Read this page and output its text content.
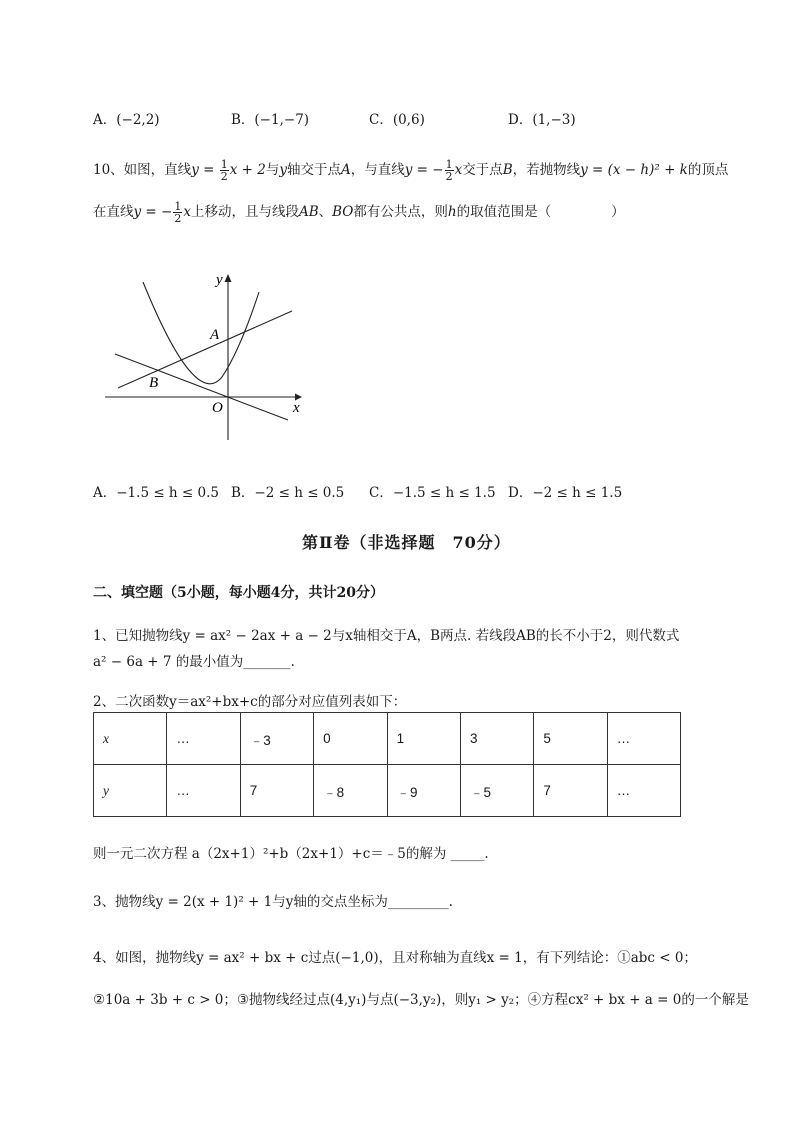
A．(−2,2)	B．(−1,−7)	C．(0,6)	D．(1,−3)
10、如图，直线$y = \frac{1}{2}$ x + 2与y轴交于点A，与直线y = − $\frac{1}{2}$ x交于点B，若抛物线y = (x − h)² + k的顶点
在直线y = − $\frac{1}{2}$ x上移动，且与线段AB、BO都有公共点，则h的取值范围是（	）
y
x
A
B
O
A．−1.5 ≤ h ≤ 0.5 B．−2 ≤ h ≤ 0.5 C．−1.5 ≤ h ≤ 1.5 D．−2 ≤ h ≤ 1.5
第Ⅱ卷（非选择题　70分）
二、填空题（5小题，每小题4分，共计20分）
1、已知抛物线y = ax² − 2ax + a − 2与x轴相交于A，B两点. 若线段AB的长不小于2，则代数式
a² − 6a + 7 的最小值为_______.
2、二次函数y＝ax²+bx+c的部分对应值列表如下：
x	…	﹣3	0	1	3	5	…
y	…	7	﹣8	﹣9	﹣5	7	…
则一元二次方程 a（2x+1）²+b（2x+1）+c＝﹣5的解为 _____.
3、抛物线y = 2(x + 1)² + 1与y轴的交点坐标为_________.
4、如图，抛物线y = ax² + bx + c过点(−1,0)，且对称轴为直线x = 1，有下列结论：①abc < 0；
②10a + 3b + c > 0；③抛物线经过点(4,y₁)与点(−3,y₂)，则y₁ > y₂；④方程cx² + bx + a = 0的一个解是
